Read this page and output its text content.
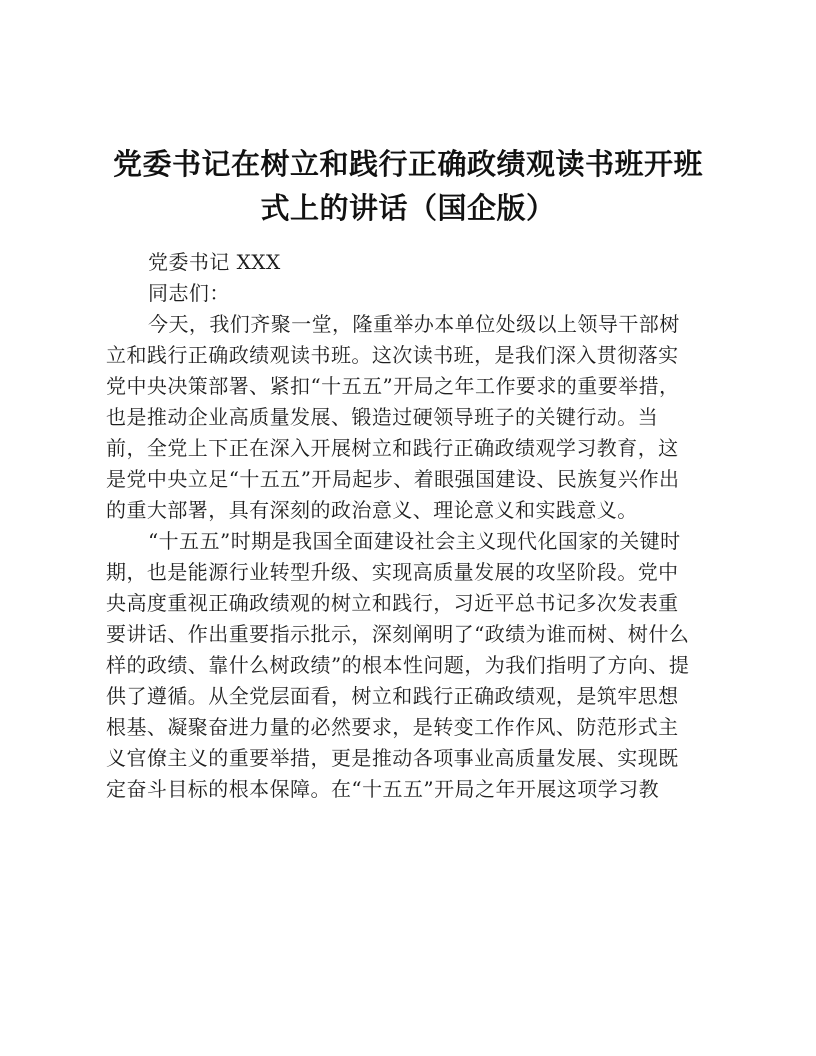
党委书记在树立和践行正确政绩观读书班开班
式上的讲话（国企版）
党委书记 XXX
同志们：
今天，我们齐聚一堂，隆重举办本单位处级以上领导干部树
立和践行正确政绩观读书班。这次读书班，是我们深入贯彻落实
党中央决策部署、紧扣“十五五”开局之年工作要求的重要举措，
也是推动企业高质量发展、锻造过硬领导班子的关键行动。当
前，全党上下正在深入开展树立和践行正确政绩观学习教育，这
是党中央立足“十五五”开局起步、着眼强国建设、民族复兴作出
的重大部署，具有深刻的政治意义、理论意义和实践意义。
“十五五”时期是我国全面建设社会主义现代化国家的关键时
期，也是能源行业转型升级、实现高质量发展的攻坚阶段。党中
央高度重视正确政绩观的树立和践行，习近平总书记多次发表重
要讲话、作出重要指示批示，深刻阐明了“政绩为谁而树、树什么
样的政绩、靠什么树政绩”的根本性问题，为我们指明了方向、提
供了遵循。从全党层面看，树立和践行正确政绩观，是筑牢思想
根基、凝聚奋进力量的必然要求，是转变工作作风、防范形式主
义官僚主义的重要举措，更是推动各项事业高质量发展、实现既
定奋斗目标的根本保障。在“十五五”开局之年开展这项学习教
